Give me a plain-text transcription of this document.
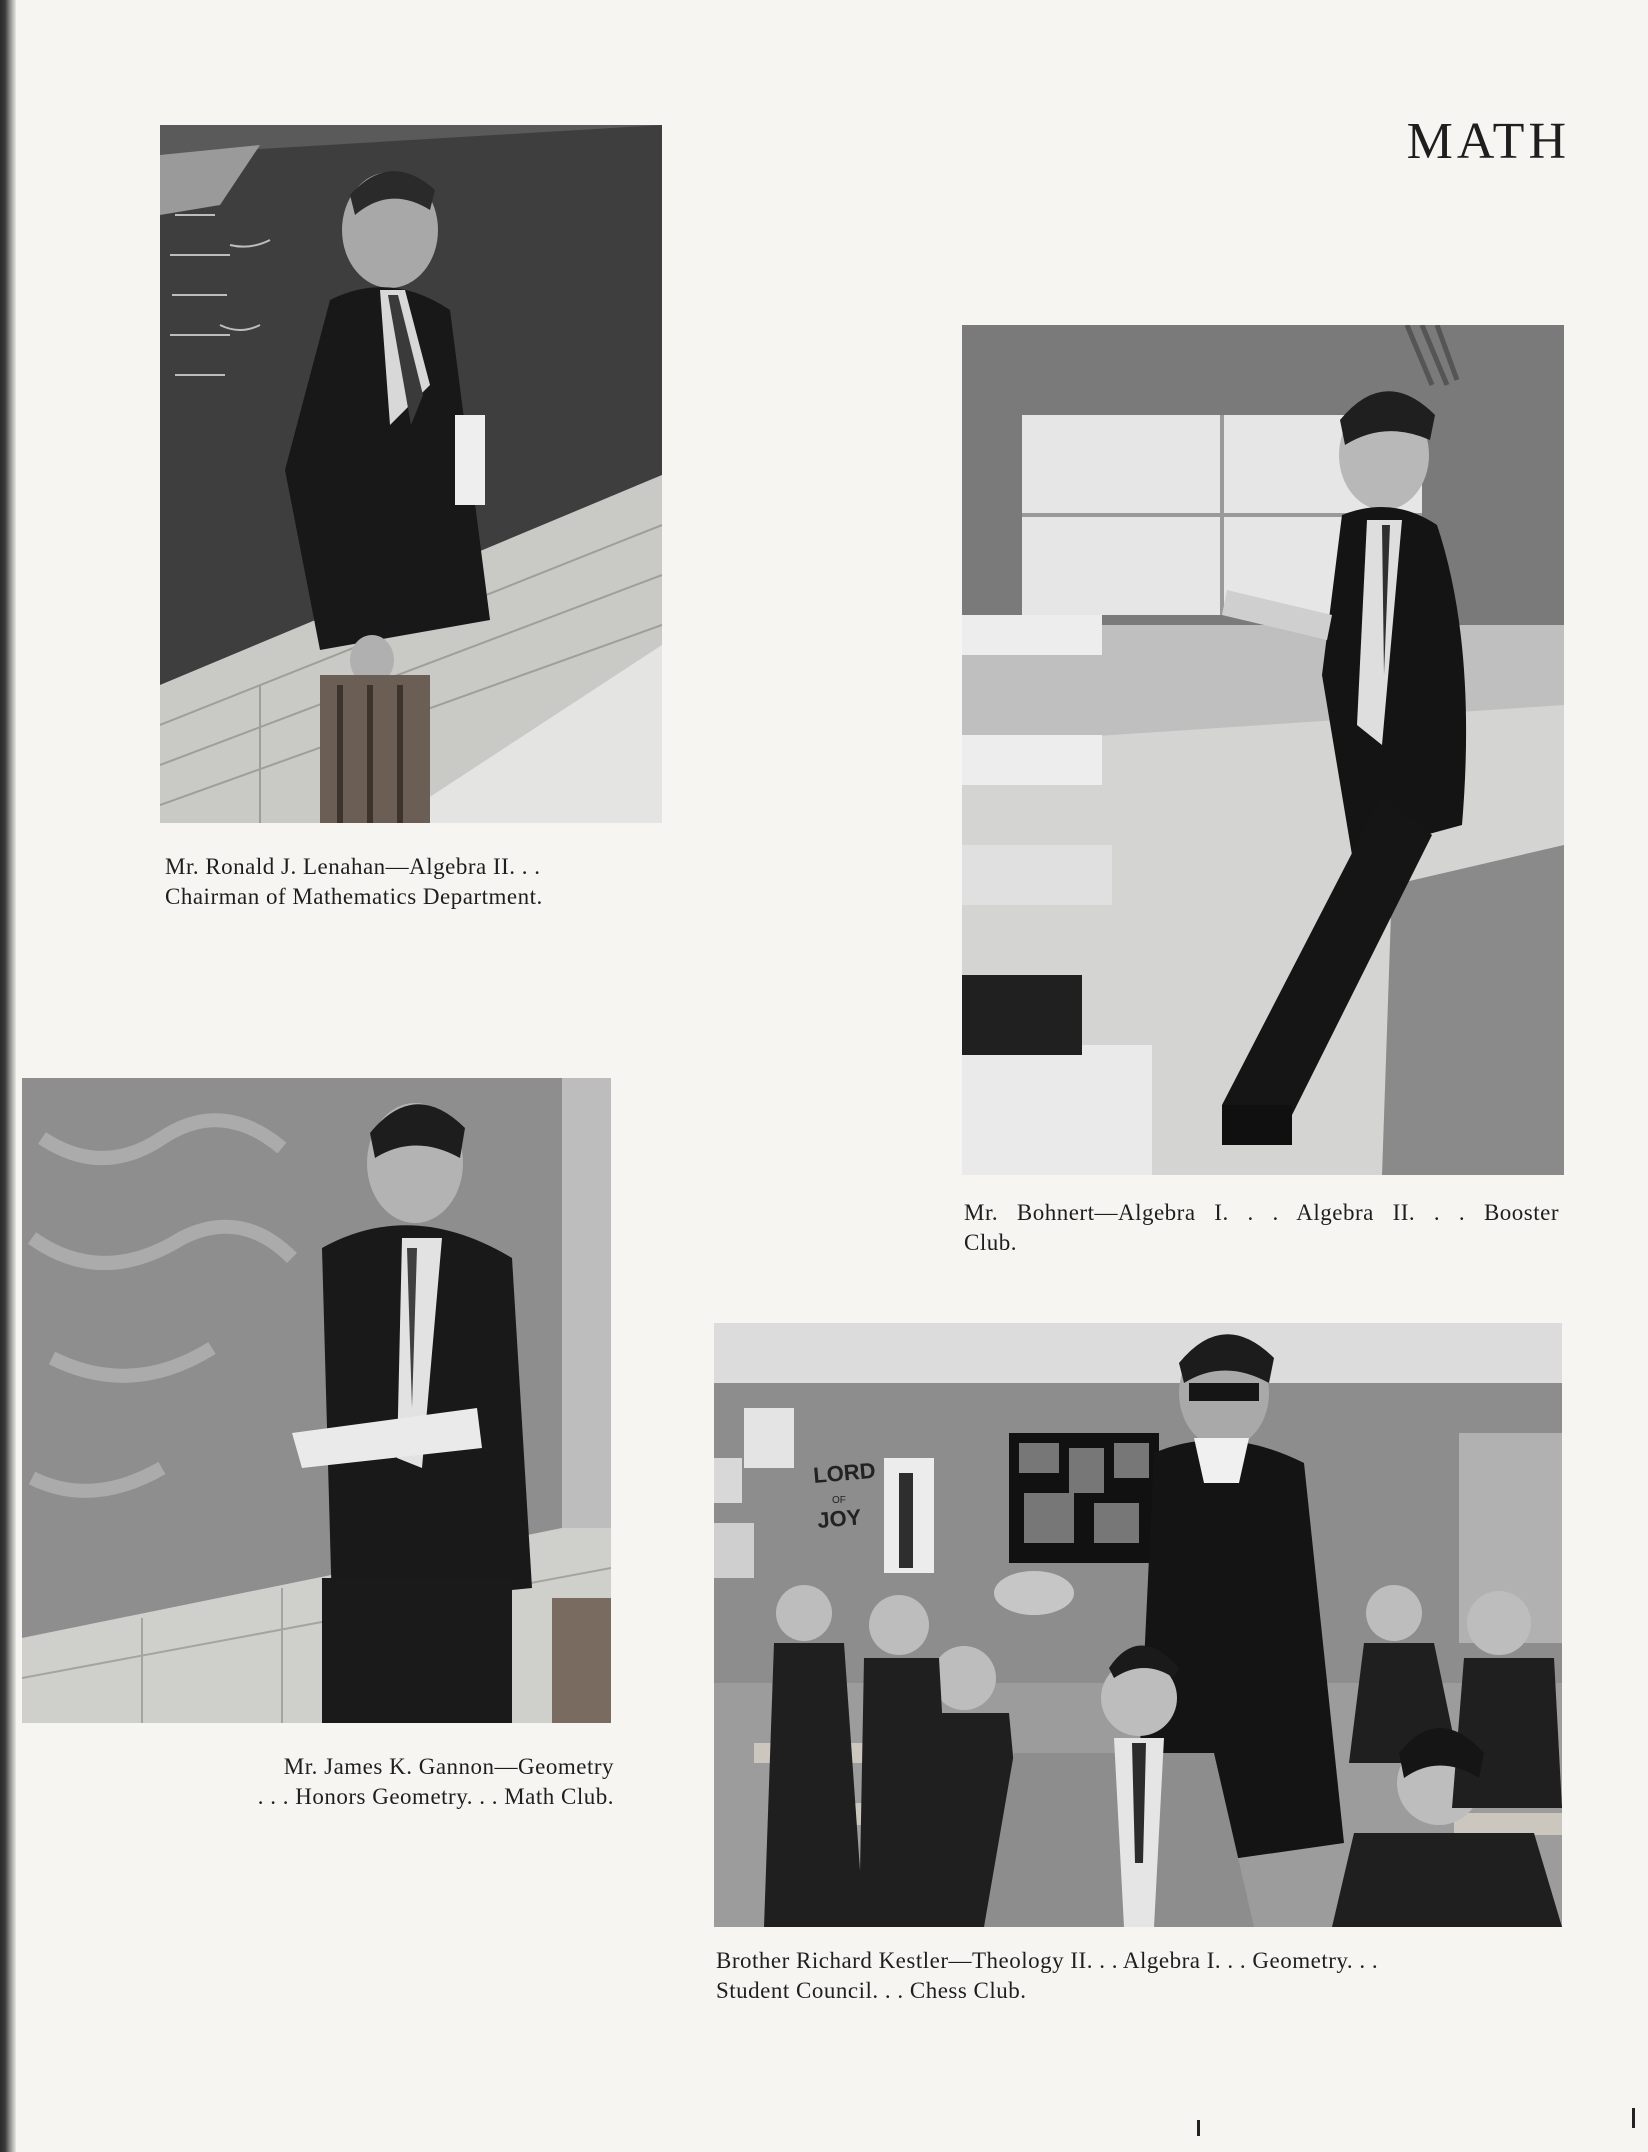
MATH
Mr. Ronald J. Lenahan—Algebra II. . .
Chairman of Mathematics Department.
Mr. Bohnert—Algebra I. . . Algebra II. . . Booster
Club.
Mr. James K. Gannon—Geometry
. . . Honors Geometry. . . Math Club.
LORD
OF
JOY
Brother Richard Kestler—Theology II. . . Algebra I. . . Geometry. . .
Student Council. . . Chess Club.
